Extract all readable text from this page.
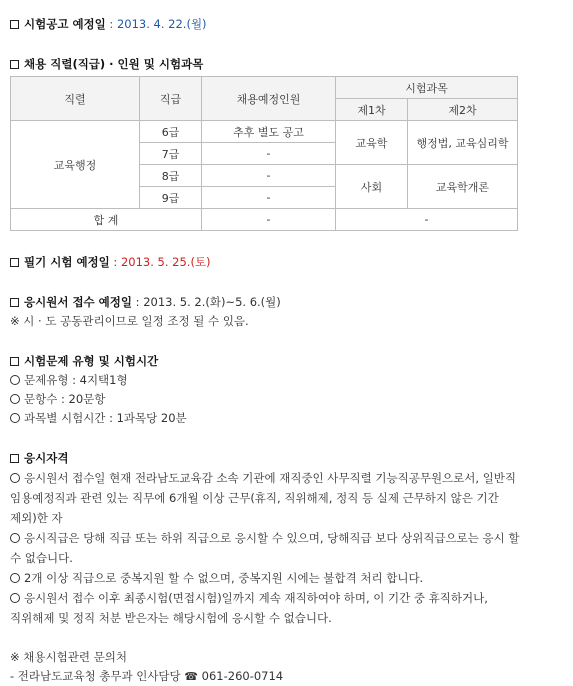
시험공고 예정일 : 2013. 4. 22.(월)
채용 직렬(직급) · 인원 및 시험과목
직렬	직급	채용예정인원	시험과목	
			제1차	제2차
교육행정	6급	추후 별도 공고	교육학	행정법, 교육심리학
	7급	-		
	8급	-	사회	교육학개론
	9급	-		
합 계		-	-	
필기 시험 예정일 : 2013. 5. 25.(토)
응시원서 접수 예정일 : 2013. 5. 2.(화)~5. 6.(월)
※ 시 · 도 공동관리이므로 일정 조정 될 수 있음.
시험문제 유형 및 시험시간
문제유형 : 4지택1형
문항수 : 20문항
과목별 시험시간 : 1과목당 20분
응시자격
응시원서 접수일 현재 전라남도교육감 소속 기관에 재직중인 사무직렬 기능직공무원으로서, 일반직 임용예정직과 관련 있는 직무에 6개월 이상 근무(휴직, 직위해제, 정직 등 실제 근무하지 않은 기간 제외)한 자
응시직급은 당해 직급 또는 하위 직급으로 응시할 수 있으며, 당해직급 보다 상위직급으로는 응시 할 수 없습니다.
2개 이상 직급으로 중복지원 할 수 없으며, 중복지원 시에는 불합격 처리 합니다.
응시원서 접수 이후 최종시험(면접시험)일까지 계속 재직하여야 하며, 이 기간 중 휴직하거나, 직위해제 및 정직 처분 받은자는 해당시험에 응시할 수 없습니다.
※ 채용시험관련 문의처
- 전라남도교육청 총무과 인사담당 ☎ 061-260-0714
